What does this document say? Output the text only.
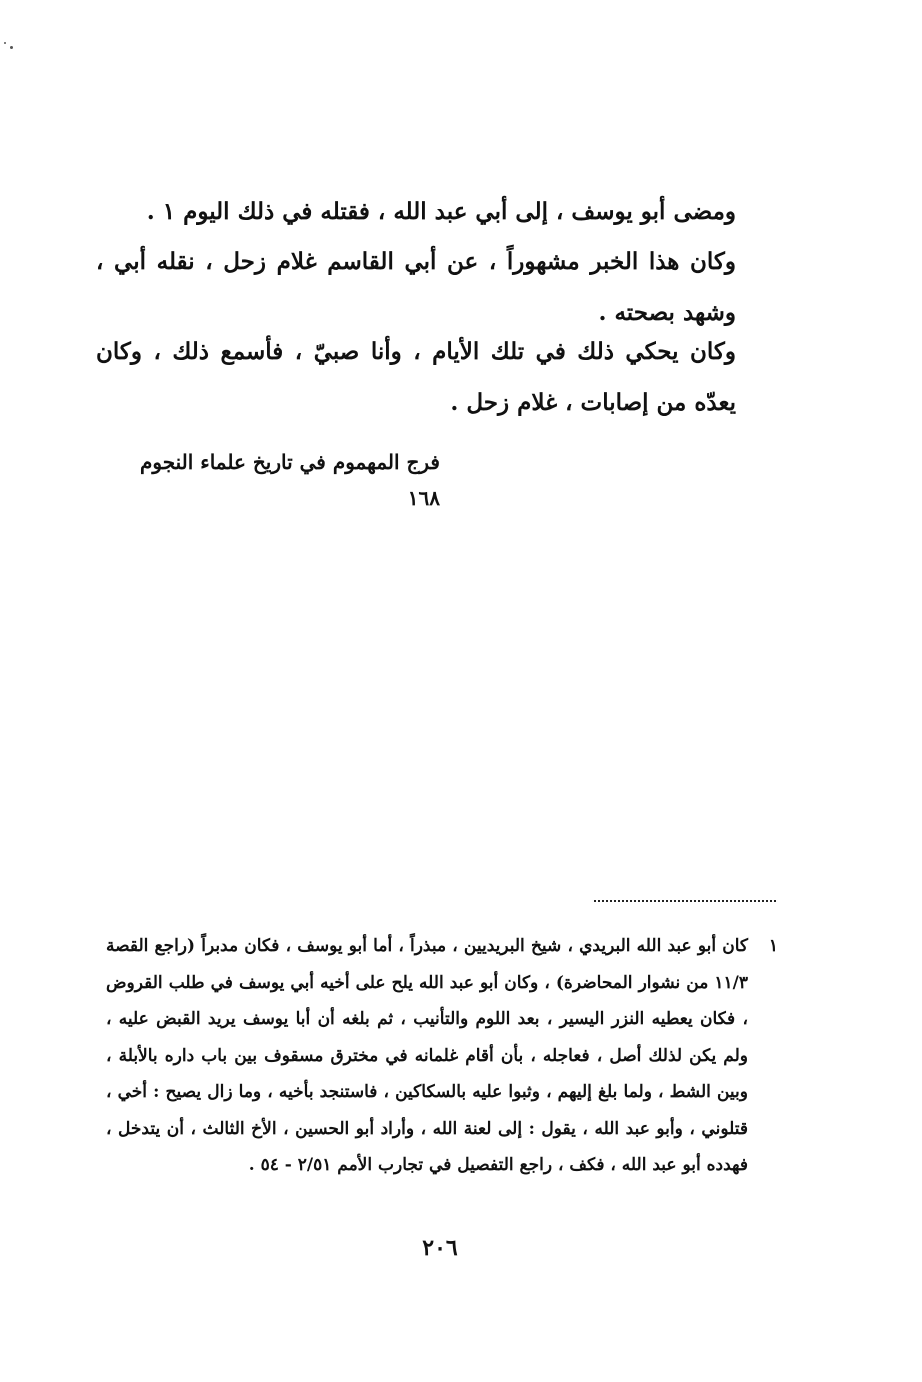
ومضى أبو يوسف ، إلى أبي عبد الله ، فقتله في ذلك اليوم ١ .

وكان هذا الخبر مشهوراً ، عن أبي القاسم غلام زحل ، نقله أبي ، وشهد بصحته .

وكان يحكي ذلك في تلك الأيام ، وأنا صبيّ ، فأسمع ذلك ، وكان يعدّه من إصابات ، غلام زحل .

فرج المهموم في تاريخ علماء النجوم ١٦٨

١

كان أبو عبد الله البريدي ، شيخ البريديين ، مبذراً ، أما أبو يوسف ، فكان مدبراً (راجع القصة ١١/٣ من نشوار المحاضرة) ، وكان أبو عبد الله يلح على أخيه أبي يوسف في طلب القروض ، فكان يعطيه النزر اليسير ، بعد اللوم والتأنيب ، ثم بلغه أن أبا يوسف يريد القبض عليه ، ولم يكن لذلك أصل ، فعاجله ، بأن أقام غلمانه في مخترق مسقوف بين باب داره بالأبلة ، وبين الشط ، ولما بلغ إليهم ، وثبوا عليه بالسكاكين ، فاستنجد بأخيه ، وما زال يصيح : أخي ، قتلوني ، وأبو عبد الله ، يقول : إلى لعنة الله ، وأراد أبو الحسين ، الأخ الثالث ، أن يتدخل ، فهدده أبو عبد الله ، فكف ، راجع التفصيل في تجارب الأمم ٢/٥١ - ٥٤ .

٢٠٦
